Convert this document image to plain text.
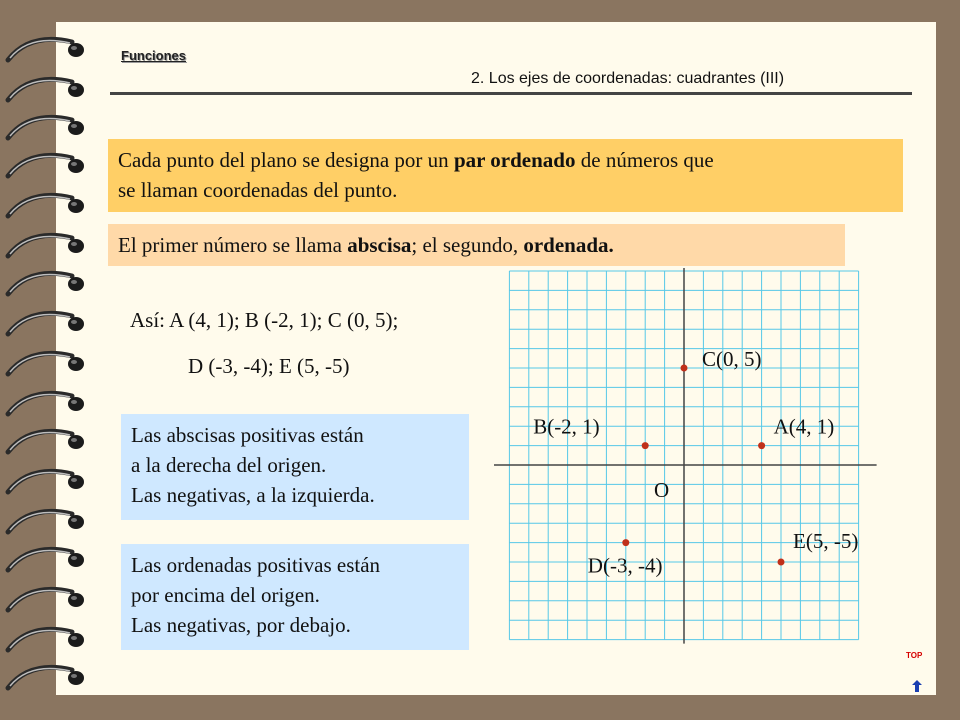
Funciones
2. Los ejes de coordenadas: cuadrantes (III)
Cada punto del plano se designa por un par ordenado de números que
se llaman coordenadas del punto.
El primer número se llama abscisa; el segundo, ordenada.
Así: A (4, 1); B (-2, 1); C (0, 5);
D (-3, -4); E (5, -5)
Las abscisas positivas están
a la derecha del origen.
Las negativas, a la izquierda.
Las ordenadas positivas están
por encima del origen.
Las negativas, por debajo.
O
A(4, 1)
B(-2, 1)
C(0, 5)
D(-3, -4)
E(5, -5)
TOP
